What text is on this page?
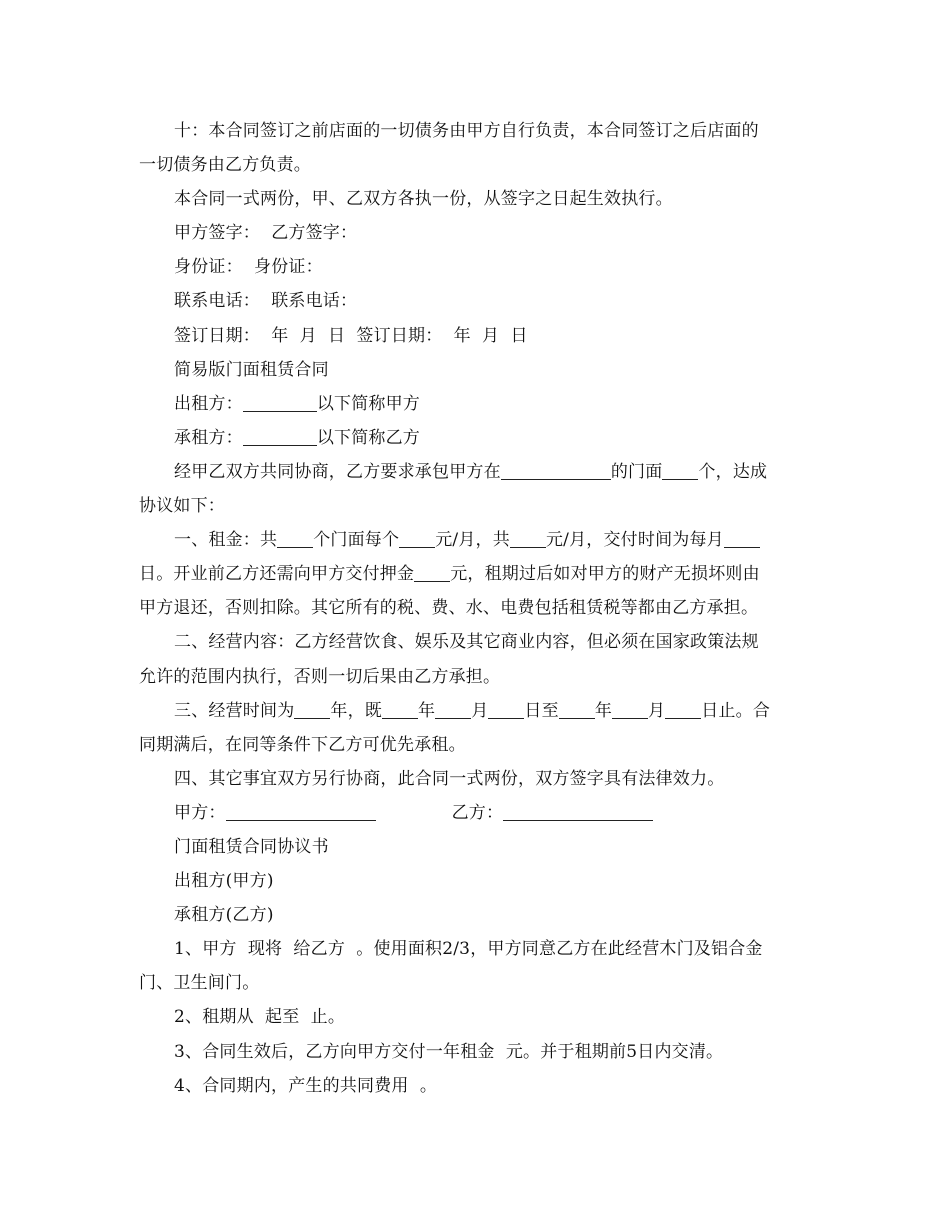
十：本合同签订之前店面的一切债务由甲方自行负责，本合同签订之后店面的

一切债务由乙方负责。

本合同一式两份，甲、乙双方各执一份，从签字之日起生效执行。

甲方签字：  乙方签字：

身份证：  身份证：

联系电话：  联系电话：

签订日期：  年  月  日  签订日期：  年  月  日

简易版门面租赁合同

出租方：	以下简称甲方

承租方：	以下简称乙方

经甲乙双方共同协商，乙方要求承包甲方在	的门面 个，达成

协议如下：

一、租金：共 个门面每个 元/月，共 元/月，交付时间为每月

日。开业前乙方还需向甲方交付押金 元，租期过后如对甲方的财产无损坏则由

甲方退还，否则扣除。其它所有的税、费、水、电费包括租赁税等都由乙方承担。

二、经营内容：乙方经营饮食、娱乐及其它商业内容，但必须在国家政策法规

允许的范围内执行，否则一切后果由乙方承担。

三、经营时间为 年，既 年 月 日至 年 月 日止。合

同期满后，在同等条件下乙方可优先承租。

四、其它事宜双方另行协商，此合同一式两份，双方签字具有法律效力。

甲方：	乙方：

门面租赁合同协议书

出租方(甲方)

承租方(乙方)

1、甲方  现将  给乙方  。使用面积2/3，甲方同意乙方在此经营木门及铝合金

门、卫生间门。

2、租期从  起至  止。

3、合同生效后，乙方向甲方交付一年租金  元。并于租期前5日内交清。

4、合同期内，产生的共同费用  。
